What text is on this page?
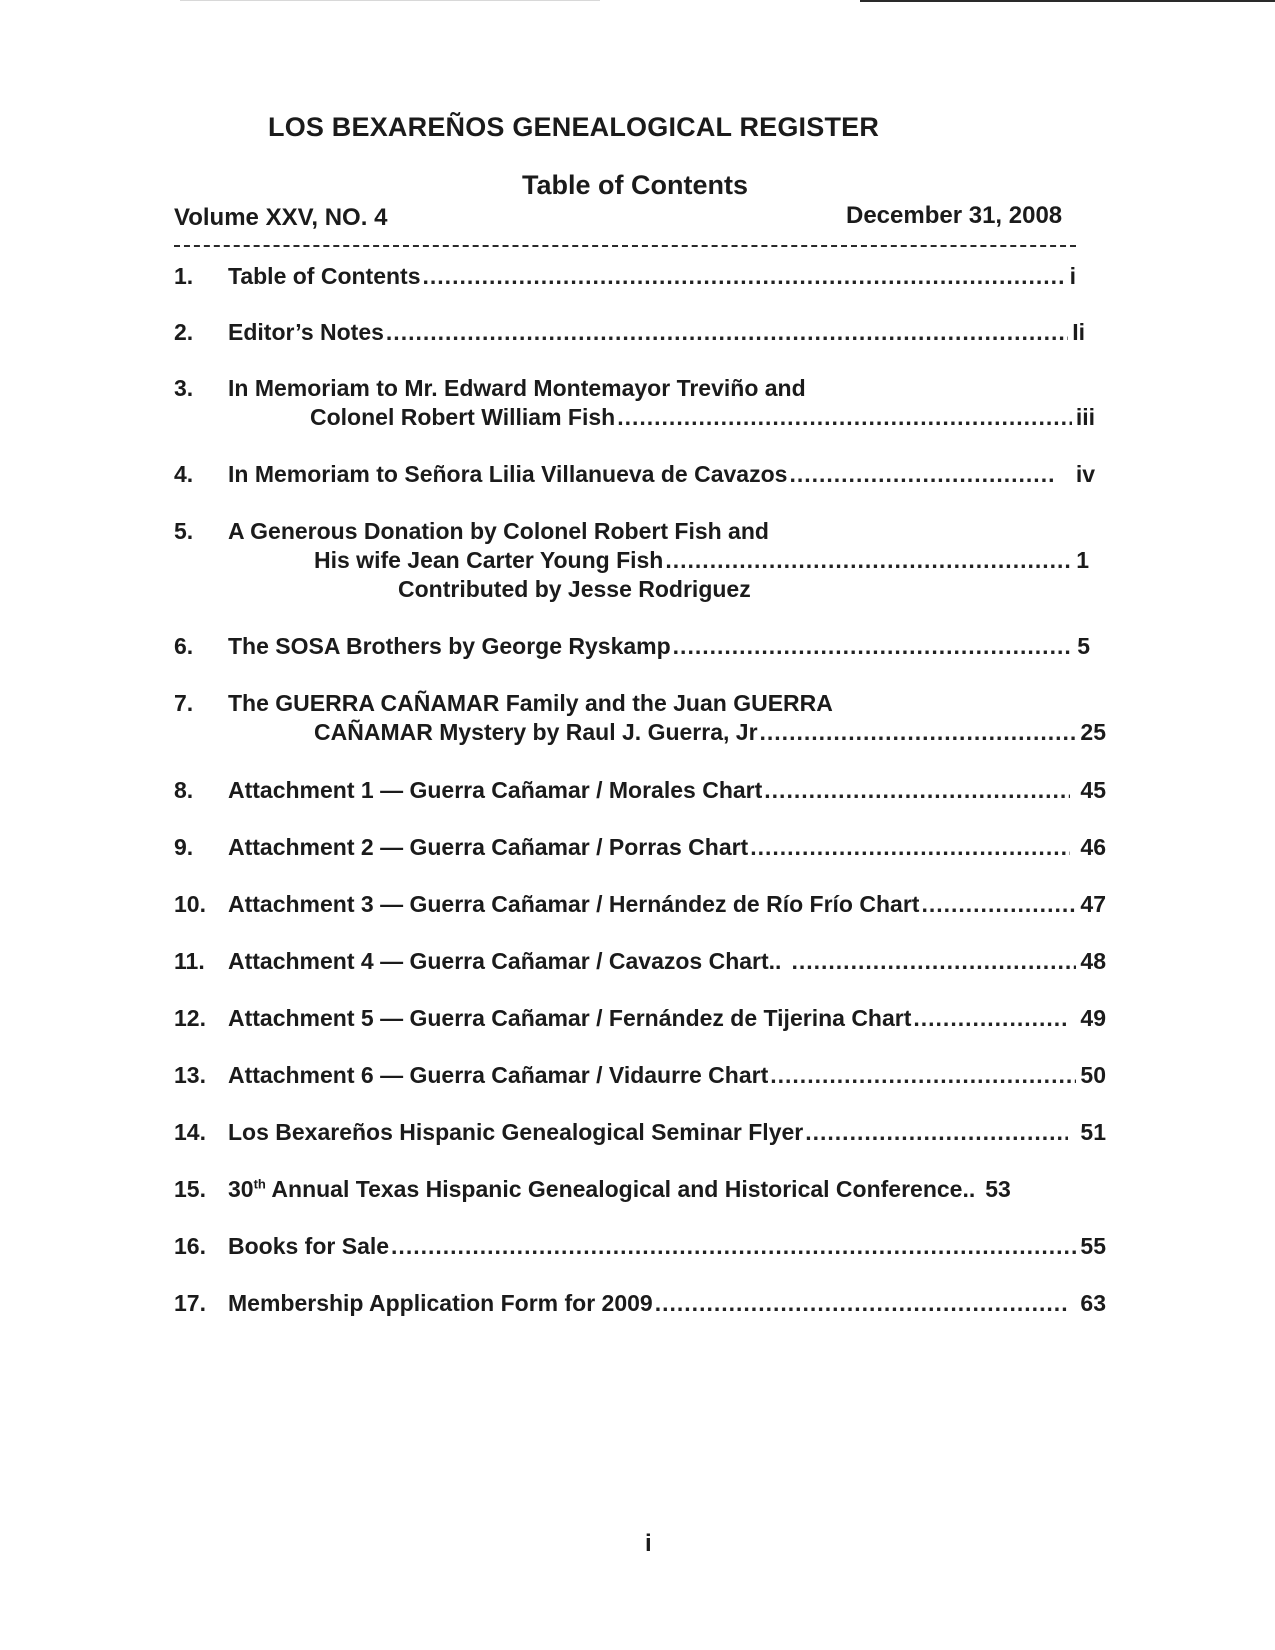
LOS BEXAREÑOS GENEALOGICAL REGISTER
Table of Contents
Volume XXV, NO. 4	December 31, 2008
1. Table of Contents .....	i
2. Editor’s Notes .....	Ii
3. In Memoriam to Mr. Edward Montemayor Treviño and
Colonel Robert William Fish .....	iii
4. In Memoriam to Señora Lilia Villanueva de Cavazos .....	iv
5. A Generous Donation by Colonel Robert Fish and
His wife Jean Carter Young Fish .....	1
Contributed by Jesse Rodriguez
6. The SOSA Brothers by George Ryskamp .....	5
7. The GUERRA CAÑAMAR Family and the Juan GUERRA
CAÑAMAR Mystery by Raul J. Guerra, Jr .....	25
8. Attachment 1 — Guerra Cañamar / Morales Chart .....	45
9. Attachment 2 — Guerra Cañamar / Porras Chart .....	46
10. Attachment 3 — Guerra Cañamar / Hernández de Río Frío Chart .....	47
11. Attachment 4 — Guerra Cañamar / Cavazos Chart.. .....	48
12. Attachment 5 — Guerra Cañamar / Fernández de Tijerina Chart .....	49
13. Attachment 6 — Guerra Cañamar / Vidaurre Chart .....	50
14. Los Bexareños Hispanic Genealogical Seminar Flyer .....	51
15. 30th Annual Texas Hispanic Genealogical and Historical Conference.. 53
16. Books for Sale .....	55
17. Membership Application Form for 2009 .....	63
i
